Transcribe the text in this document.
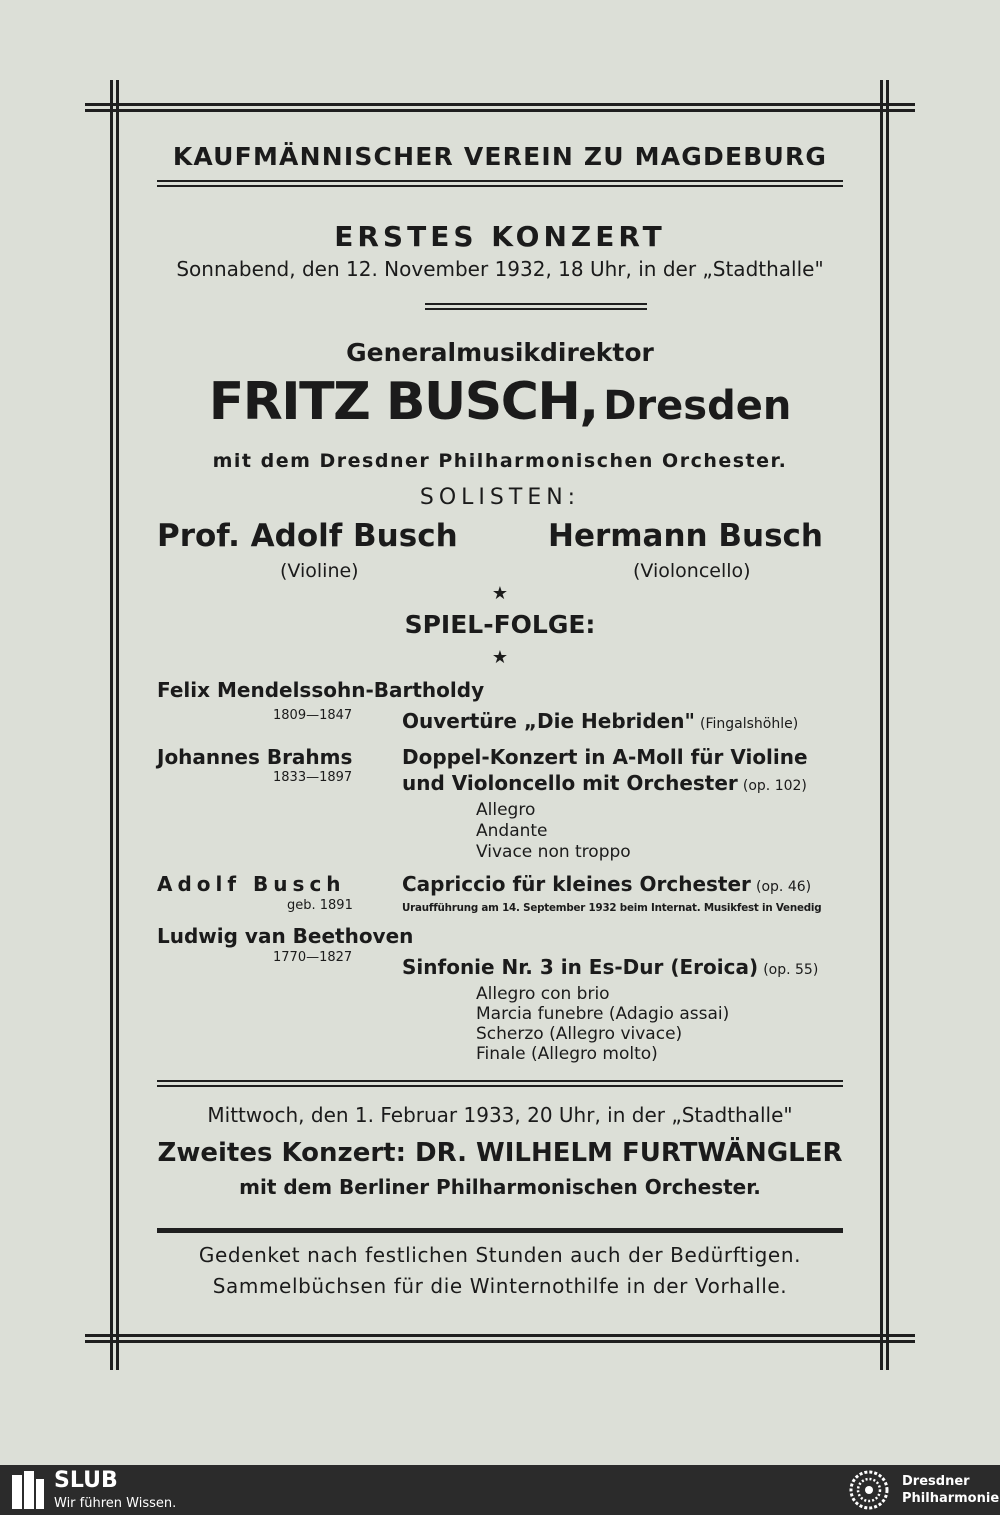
KAUFMÄNNISCHER VEREIN ZU MAGDEBURG
ERSTES KONZERT
Sonnabend, den 12. November 1932, 18 Uhr, in der „Stadthalle"
Generalmusikdirektor
FRITZ BUSCH, Dresden
mit dem Dresdner Philharmonischen Orchester.
SOLISTEN:
Prof. Adolf Busch
(Violine)
Hermann Busch
(Violoncello)
★
SPIEL-FOLGE:
★
Felix Mendelssohn-Bartholdy
1809—1847 Ouvertüre „Die Hebriden" (Fingalshöhle)
Johannes Brahms
1833—1897
Doppel-Konzert in A-Moll für Violine
und Violoncello mit Orchester (op. 102)
Allegro
Andante
Vivace non troppo
Adolf Busch
geb. 1891
Capriccio für kleines Orchester (op. 46)
Uraufführung am 14. September 1932 beim Internat. Musikfest in Venedig
Ludwig van Beethoven
1770—1827 Sinfonie Nr. 3 in Es-Dur (Eroica) (op. 55)
Allegro con brio
Marcia funebre (Adagio assai)
Scherzo (Allegro vivace)
Finale (Allegro molto)
Mittwoch, den 1. Februar 1933, 20 Uhr, in der „Stadthalle"
Zweites Konzert: DR. WILHELM FURTWÄNGLER
mit dem Berliner Philharmonischen Orchester.
Gedenket nach festlichen Stunden auch der Bedürftigen.
Sammelbüchsen für die Winternothilfe in der Vorhalle.
SLUB
Wir führen Wissen.
Dresdner
Philharmonie
